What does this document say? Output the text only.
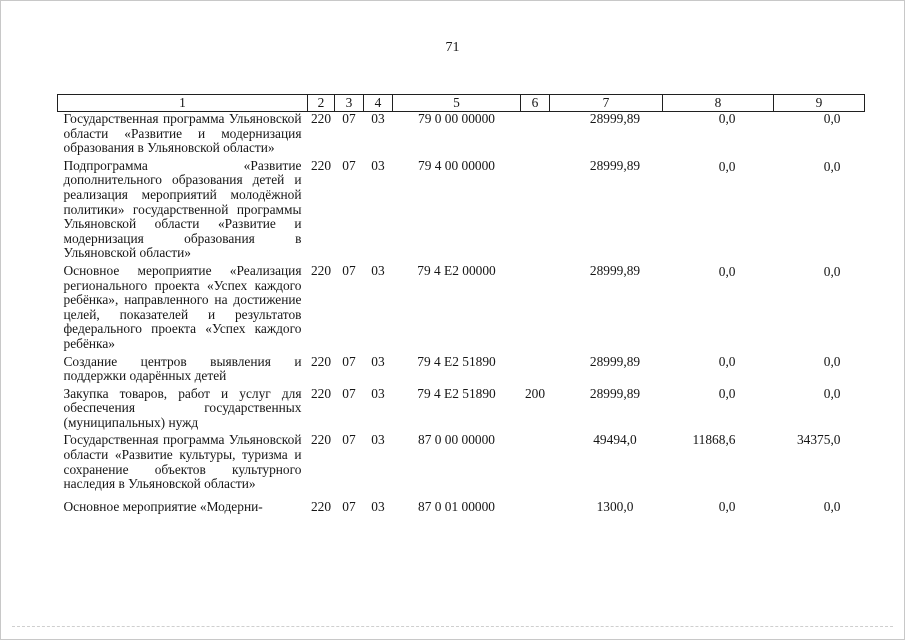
71
1	2	3	4	5	6	7	8	9
Государственная программа Ульяновской области «Развитие и модернизация образования в Ульяновской области»	220	07	03	79 0 00 00000		28999,89	0,0	0,0
Подпрограмма «Развитие дополнительного образования детей и реализация мероприятий молодёжной политики» государственной программы Ульяновской области «Развитие и модернизация образования в Ульяновской области»	220	07	03	79 4 00 00000		28999,89	0,0	0,0
Основное мероприятие «Реализация регионального проекта «Успех каждого ребёнка», направленного на достижение целей, показателей и результатов федерального проекта «Успех каждого ребёнка»	220	07	03	79 4 E2 00000		28999,89	0,0	0,0
Создание центров выявления и поддержки одарённых детей	220	07	03	79 4 E2 51890		28999,89	0,0	0,0
Закупка товаров, работ и услуг для обеспечения государственных (муниципальных) нужд	220	07	03	79 4 E2 51890	200	28999,89	0,0	0,0
Государственная программа Ульяновской области «Развитие культуры, туризма и сохранение объектов культурного наследия в Ульяновской области»	220	07	03	87 0 00 00000		49494,0	11868,6	34375,0
Основное мероприятие «Модерни-	220	07	03	87 0 01 00000		1300,0	0,0	0,0
